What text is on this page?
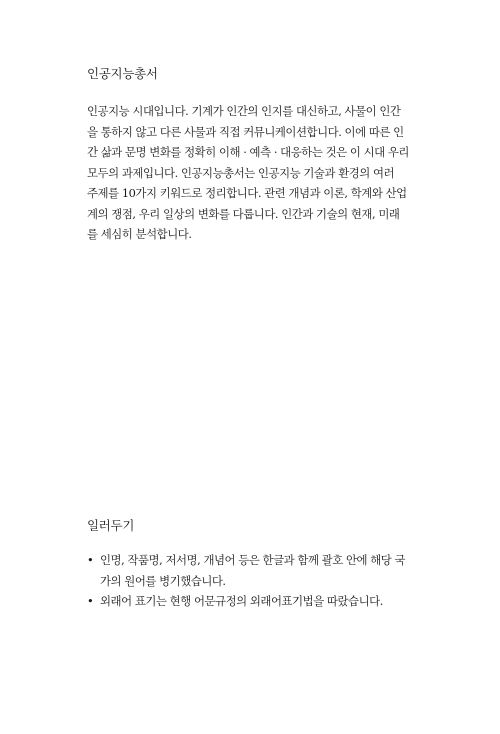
인공지능총서
인공지능 시대입니다. 기계가 인간의 인지를 대신하고, 사물이 인간
을 통하지 않고 다른 사물과 직접 커뮤니케이션합니다. 이에 따른 인
간 삶과 문명 변화를 정확히 이해 · 예측 · 대응하는 것은 이 시대 우리
모두의 과제입니다. 인공지능총서는 인공지능 기술과 환경의 여러
주제를 10가지 키워드로 정리합니다. 관련 개념과 이론, 학계와 산업
계의 쟁점, 우리 일상의 변화를 다룹니다. 인간과 기술의 현재, 미래
를 세심히 분석합니다.
일러두기
• 인명, 작품명, 저서명, 개념어 등은 한글과 함께 괄호 안에 해당 국
가의 원어를 병기했습니다.
• 외래어 표기는 현행 어문규정의 외래어표기법을 따랐습니다.
